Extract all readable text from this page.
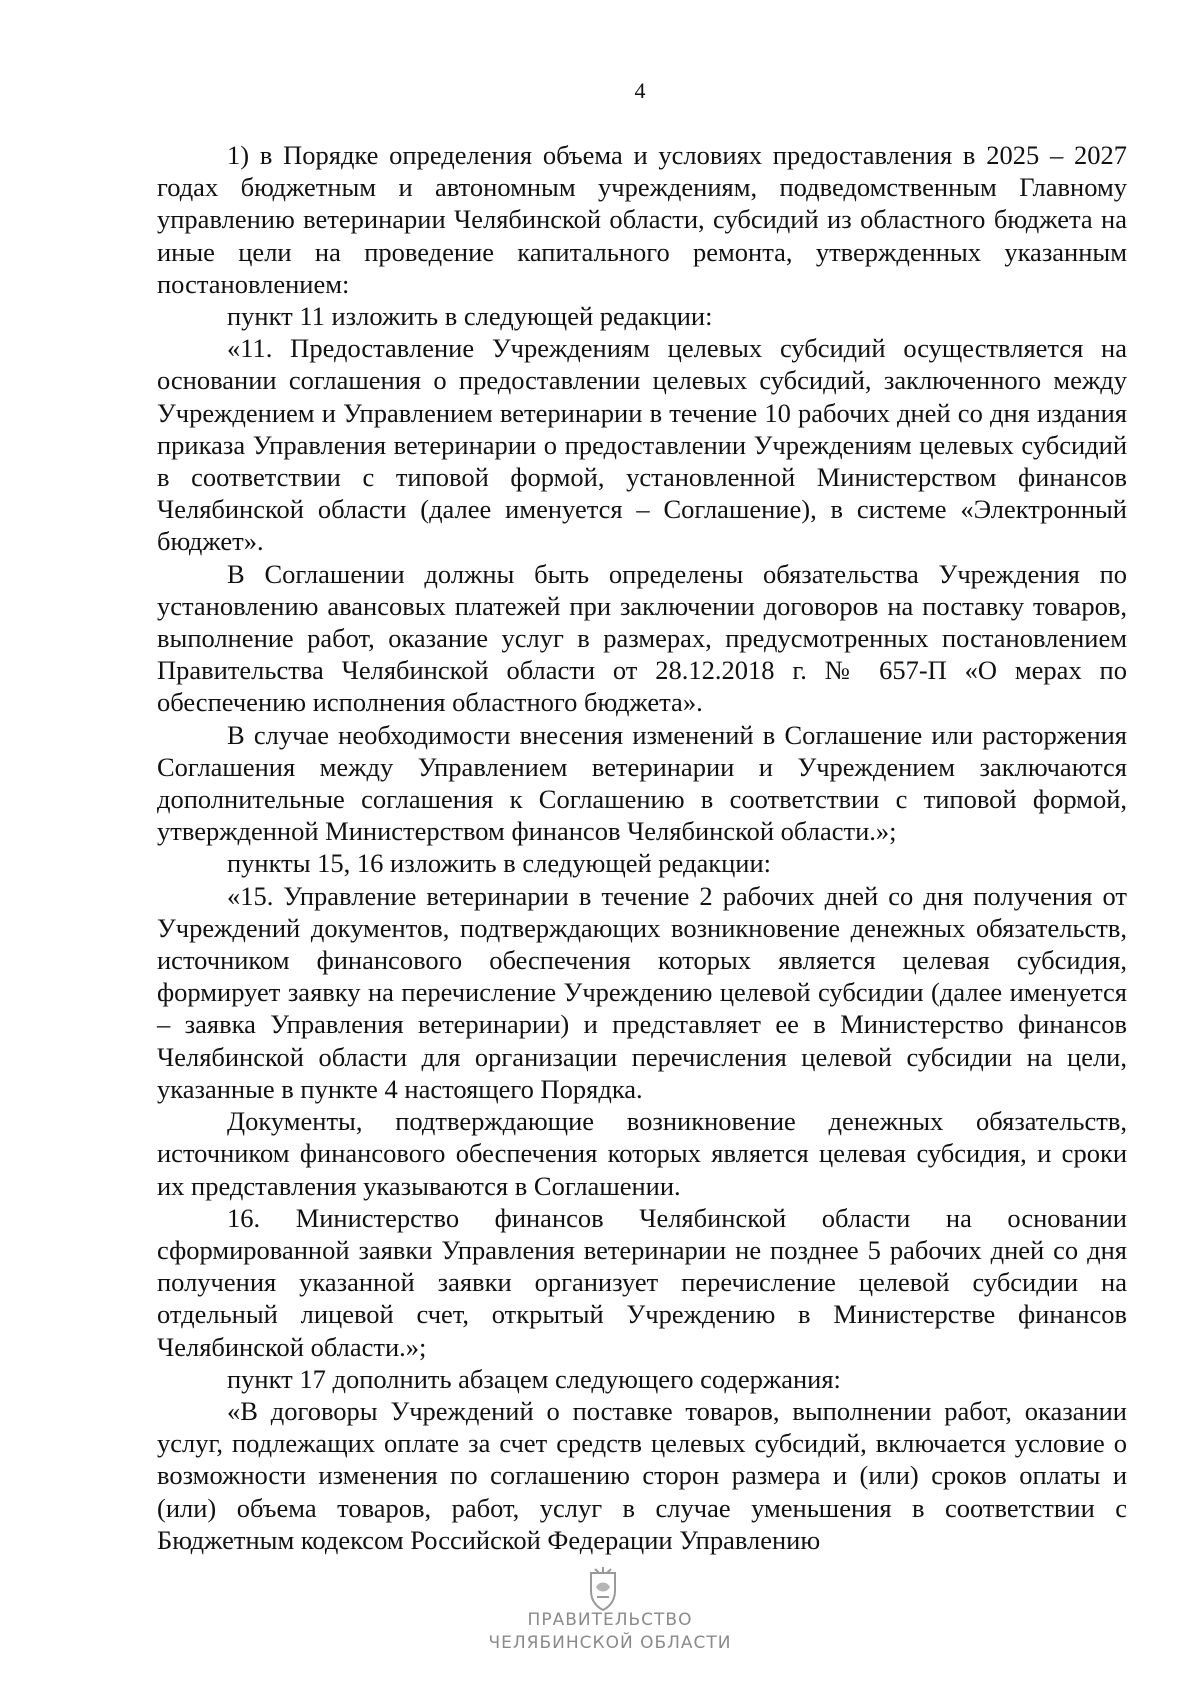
4

1) в Порядке определения объема и условиях предоставления в 2025 – 2027 годах бюджетным и автономным учреждениям, подведомственным Главному управлению ветеринарии Челябинской области, субсидий из областного бюджета на иные цели на проведение капитального ремонта, утвержденных указанным постановлением:

пункт 11 изложить в следующей редакции:

«11. Предоставление Учреждениям целевых субсидий осуществляется на основании соглашения о предоставлении целевых субсидий, заключенного между Учреждением и Управлением ветеринарии в течение 10 рабочих дней со дня издания приказа Управления ветеринарии о предоставлении Учреждениям целевых субсидий в соответствии с типовой формой, установленной Министерством финансов Челябинской области (далее именуется – Соглашение), в системе «Электронный бюджет».

В Соглашении должны быть определены обязательства Учреждения по установлению авансовых платежей при заключении договоров на поставку товаров, выполнение работ, оказание услуг в размерах, предусмотренных постановлением Правительства Челябинской области от 28.12.2018 г. № 657-П «О мерах по обеспечению исполнения областного бюджета».

В случае необходимости внесения изменений в Соглашение или расторжения Соглашения между Управлением ветеринарии и Учреждением заключаются дополнительные соглашения к Соглашению в соответствии с типовой формой, утвержденной Министерством финансов Челябинской области.»;

пункты 15, 16 изложить в следующей редакции:

«15. Управление ветеринарии в течение 2 рабочих дней со дня получения от Учреждений документов, подтверждающих возникновение денежных обязательств, источником финансового обеспечения которых является целевая субсидия, формирует заявку на перечисление Учреждению целевой субсидии (далее именуется – заявка Управления ветеринарии) и представляет ее в Министерство финансов Челябинской области для организации перечисления целевой субсидии на цели, указанные в пункте 4 настоящего Порядка.

Документы, подтверждающие возникновение денежных обязательств, источником финансового обеспечения которых является целевая субсидия, и сроки их представления указываются в Соглашении.

16. Министерство финансов Челябинской области на основании сформированной заявки Управления ветеринарии не позднее 5 рабочих дней со дня получения указанной заявки организует перечисление целевой субсидии на отдельный лицевой счет, открытый Учреждению в Министерстве финансов Челябинской области.»;

пункт 17 дополнить абзацем следующего содержания:

«В договоры Учреждений о поставке товаров, выполнении работ, оказании услуг, подлежащих оплате за счет средств целевых субсидий, включается условие о возможности изменения по соглашению сторон размера и (или) сроков оплаты и (или) объема товаров, работ, услуг в случае уменьшения в соответствии с Бюджетным кодексом Российской Федерации Управлению

ПРАВИТЕЛЬСТВО
ЧЕЛЯБИНСКОЙ ОБЛАСТИ
